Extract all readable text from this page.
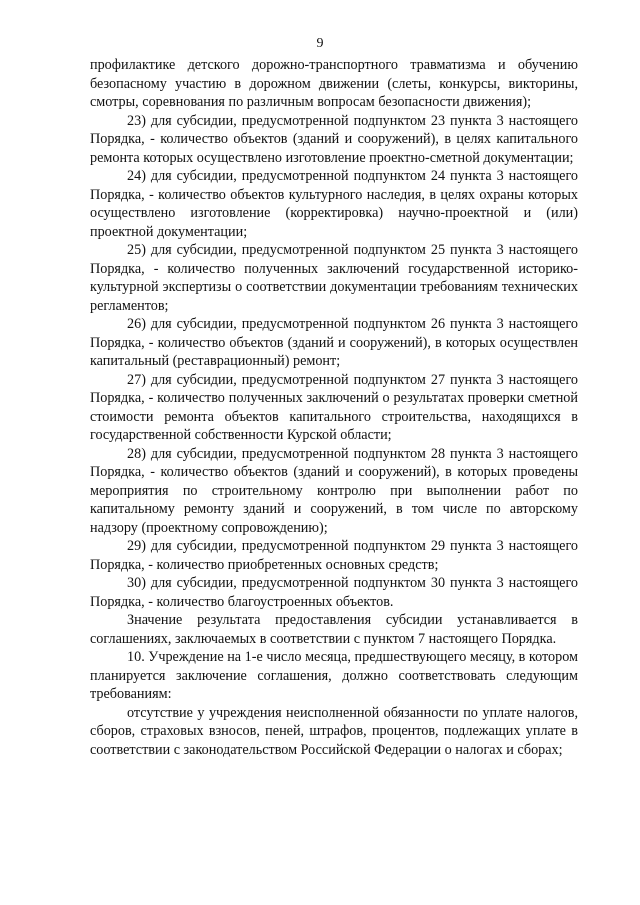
9

профилактике детского дорожно-транспортного травматизма и обучению безопасному участию в дорожном движении (слеты, конкурсы, викторины, смотры, соревнования по различным вопросам безопасности движения);

23) для субсидии, предусмотренной подпунктом 23 пункта 3 настоящего Порядка, - количество объектов (зданий и сооружений), в целях капитального ремонта которых осуществлено изготовление проектно-сметной документации;

24) для субсидии, предусмотренной подпунктом 24 пункта 3 настоящего Порядка, - количество объектов культурного наследия, в целях охраны которых осуществлено изготовление (корректировка) научно-проектной и (или) проектной документации;

25) для субсидии, предусмотренной подпунктом 25 пункта 3 настоящего Порядка, - количество полученных заключений государственной историко-культурной экспертизы о соответствии документации требованиям технических регламентов;

26) для субсидии, предусмотренной подпунктом 26 пункта 3 настоящего Порядка, - количество объектов (зданий и сооружений), в которых осуществлен капитальный (реставрационный) ремонт;

27) для субсидии, предусмотренной подпунктом 27 пункта 3 настоящего Порядка, - количество полученных заключений о результатах проверки сметной стоимости ремонта объектов капитального строительства, находящихся в государственной собственности Курской области;

28) для субсидии, предусмотренной подпунктом 28 пункта 3 настоящего Порядка, - количество объектов (зданий и сооружений), в которых проведены мероприятия по строительному контролю при выполнении работ по капитальному ремонту зданий и сооружений, в том числе по авторскому надзору (проектному сопровождению);

29) для субсидии, предусмотренной подпунктом 29 пункта 3 настоящего Порядка, - количество приобретенных основных средств;

30) для субсидии, предусмотренной подпунктом 30 пункта 3 настоящего Порядка, - количество благоустроенных объектов.

Значение результата предоставления субсидии устанавливается в соглашениях, заключаемых в соответствии с пунктом 7 настоящего Порядка.

10. Учреждение на 1-е число месяца, предшествующего месяцу, в котором планируется заключение соглашения, должно соответствовать следующим требованиям:

отсутствие у учреждения неисполненной обязанности по уплате налогов, сборов, страховых взносов, пеней, штрафов, процентов, подлежащих уплате в соответствии с законодательством Российской Федерации о налогах и сборах;
